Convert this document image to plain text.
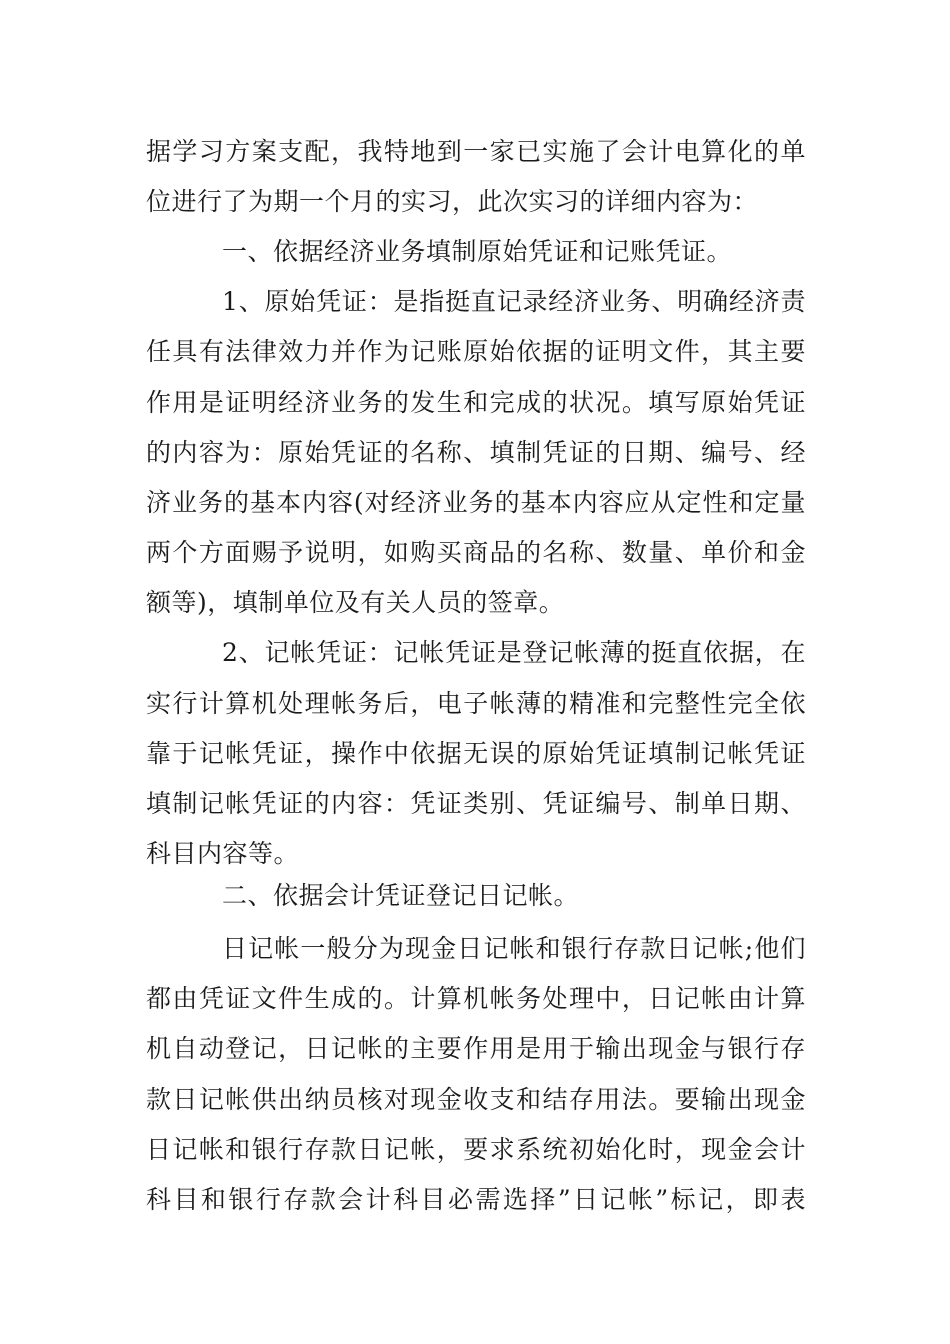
据学习方案支配，我特地到一家已实施了会计电算化的单
位进行了为期一个月的实习，此次实习的详细内容为：
一、依据经济业务填制原始凭证和记账凭证。
1、原始凭证：是指挺直记录经济业务、明确经济责
任具有法律效力并作为记账原始依据的证明文件，其主要
作用是证明经济业务的发生和完成的状况。填写原始凭证
的内容为：原始凭证的名称、填制凭证的日期、编号、经
济业务的基本内容(对经济业务的基本内容应从定性和定量
两个方面赐予说明，如购买商品的名称、数量、单价和金
额等)，填制单位及有关人员的签章。
2、记帐凭证：记帐凭证是登记帐薄的挺直依据，在
实行计算机处理帐务后，电子帐薄的精准和完整性完全依
靠于记帐凭证，操作中依据无误的原始凭证填制记帐凭证
填制记帐凭证的内容：凭证类别、凭证编号、制单日期、
科目内容等。
二、依据会计凭证登记日记帐。
日记帐一般分为现金日记帐和银行存款日记帐;他们
都由凭证文件生成的。计算机帐务处理中，日记帐由计算
机自动登记，日记帐的主要作用是用于输出现金与银行存
款日记帐供出纳员核对现金收支和结存用法。要输出现金
日记帐和银行存款日记帐，要求系统初始化时，现金会计
科目和银行存款会计科目必需选择”日记帐”标记，即表
